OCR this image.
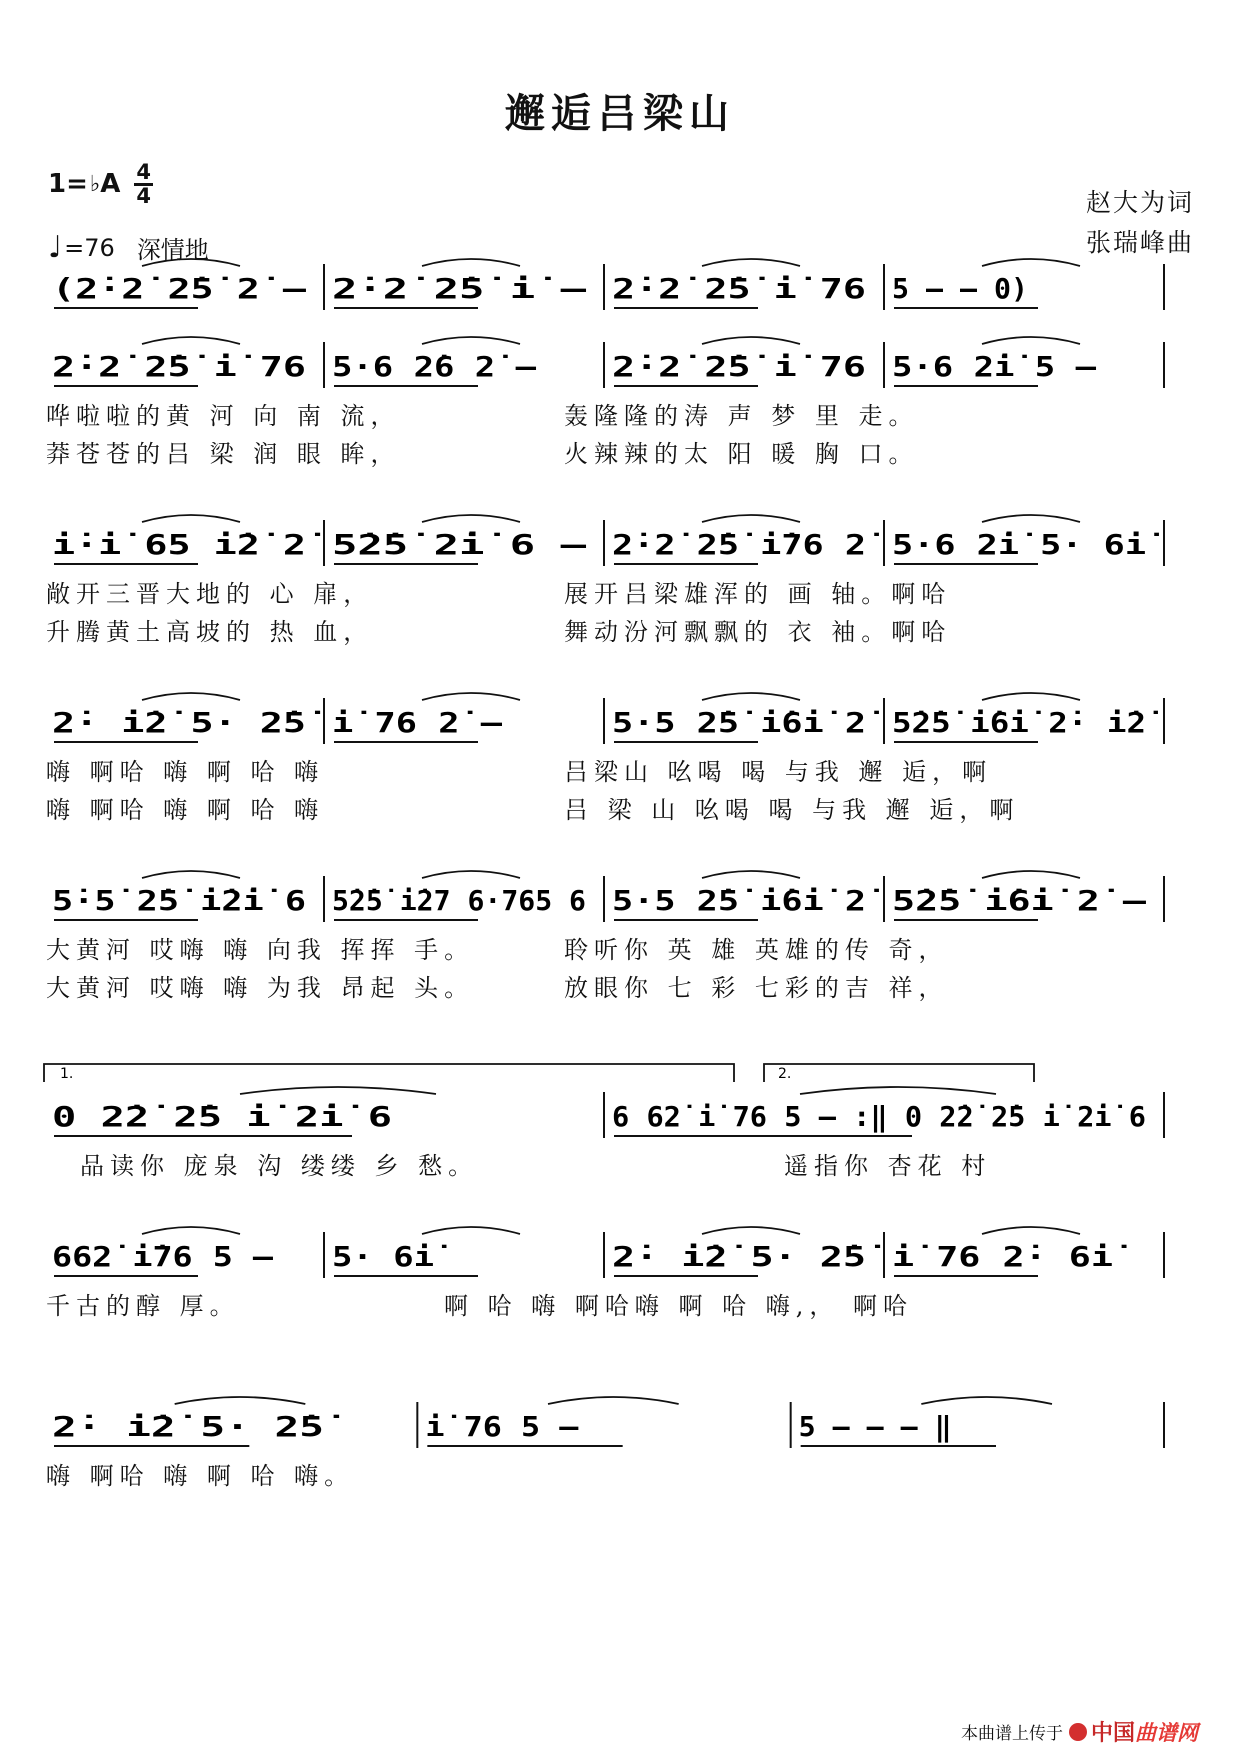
邂逅吕梁山
1= ♭ A 4
4
♩ =76 深情地
赵大为词
张瑞峰曲
(2̇·2̇ 2̇5̇ 2̇ – 2̇·2̇ 2̇5̇ i̇ – 2̇·2̇ 2̇5̇ i̇ 76 5 – – 0)
2̇·2̇ 2̇5̇ i̇ 76 5·6 2̇6 2̇ –	2̇·2̇ 2̇5̇ i̇ 76 5·6 2̇i̇ 5 –
哗啦啦的黄 河 向 南 流，	轰隆隆的涛 声 梦 里 走。
莽苍苍的吕 梁 润 眼 眸，	火辣辣的太 阳 暖 胸 口。
i̇·i̇ 65 i̇2̇ 2̇ 5̇2̇5̇ 2̇i̇ 6 – 2̇·2̇ 2̇5̇ i̇76 2̇ 5·6 2̇i̇ 5· 6i̇
敞开三晋大地的 心 扉，	展开吕梁雄浑的 画 轴。啊哈
升腾黄土高坡的 热 血，	舞动汾河飘飘的 衣 袖。啊哈
2̇· i̇2̇ 5· 2̇5̇ i̇ 76 2̇ –	5·5 2̇5̇ i̇6i̇ 2̇ 5̇2̇5̇ i̇6i̇ 2̇· i̇2̇
嗨 啊哈 嗨 啊 哈 嗨	吕梁山 吆喝 喝 与我 邂 逅，啊
嗨 啊哈 嗨 啊 哈 嗨	吕 梁 山 吆喝 喝 与我 邂 逅，啊
5̇·5̇ 2̇5̇ i̇2̇i̇ 6 5̇2̇5̇ i̇27 6·765 6 5·5 2̇5̇ i̇6i̇ 2̇ 5̇2̇5̇ i̇6i̇ 2̇ –
大黄河 哎嗨 嗨 向我 挥挥 手。	聆听你 英 雄 英雄的传 奇，
大黄河 哎嗨 嗨 为我 昂起 头。	放眼你 七 彩 七彩的吉 祥，
0 2̇2̇ 2̇5 i̇ 2̇i̇ 6	6 62̇ i̇ 76 5 – :‖ 0 2̇2̇ 2̇5 i̇ 2̇i̇ 6
1.	2.
品读你 庞泉 沟 缕缕 乡 愁。	遥指你 杏花 村
662̇ i̇76 5 – 5· 6i̇	2̇· i̇2̇ 5· 2̇5̇ i̇ 76 2̇· 6i̇
千古的醇 厚。	啊 哈 嗨 啊哈嗨 啊 哈 嗨,， 啊哈
2̇· i̇2̇ 5· 2̇5̇	i̇ 76 5 –	5 – – – ‖
嗨 啊哈 嗨 啊 哈 嗨。
本曲谱上传于 中国 曲谱网
